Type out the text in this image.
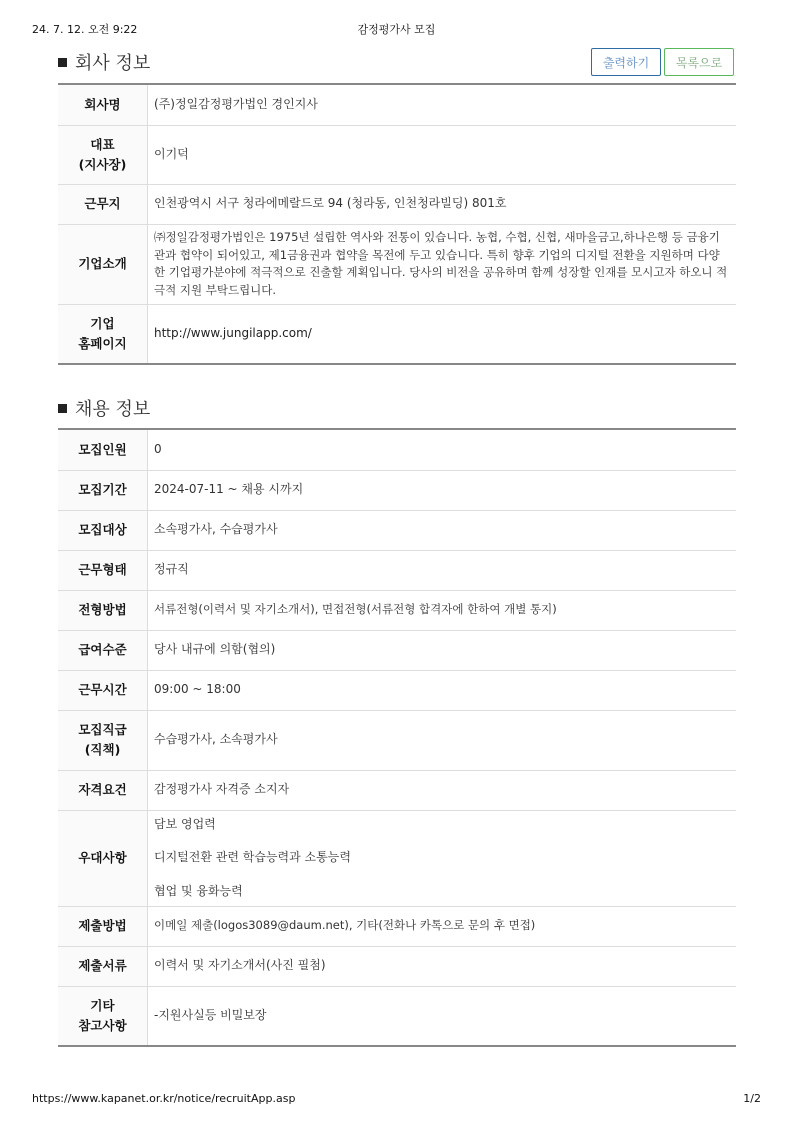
24. 7. 12. 오전 9:22	감정평가사 모집
회사 정보	출력하기	목록으로
회사명	(주)정일감정평가법인 경인지사
대표
(지사장)	이기덕
근무지	인천광역시 서구 청라에메랄드로 94 (청라동, 인천청라빌딩) 801호
기업소개	㈜정일감정평가법인은 1975년 설립한 역사와 전통이 있습니다. 농협, 수협, 신협, 새마을금고,하나은행 등 금융기관과 협약이 되어있고, 제1금융권과 협약을 목전에 두고 있습니다. 특히 향후 기업의 디지털 전환을 지원하며 다양한 기업평가분야에 적극적으로 진출할 계획입니다. 당사의 비전을 공유하며 함께 성장할 인재를 모시고자 하오니 적극적 지원 부탁드립니다.
기업
홈페이지	http://www.jungilapp.com/
채용 정보
모집인원	0
모집기간	2024-07-11 ~ 채용 시까지
모집대상	소속평가사, 수습평가사
근무형태	정규직
전형방법	서류전형(이력서 및 자기소개서), 면접전형(서류전형 합격자에 한하여 개별 통지)
급여수준	당사 내규에 의함(협의)
근무시간	09:00 ~ 18:00
모집직급
(직책)	수습평가사, 소속평가사
자격요건	감정평가사 자격증 소지자
우대사항	담보 영업력

디지털전환 관련 학습능력과 소통능력

협업 및 융화능력

제출방법	이메일 제출(logos3089@daum.net), 기타(전화나 카톡으로 문의 후 면접)
제출서류	이력서 및 자기소개서(사진 필첨)
기타
참고사항	-지원사실등 비밀보장
https://www.kapanet.or.kr/notice/recruitApp.asp	1/2
